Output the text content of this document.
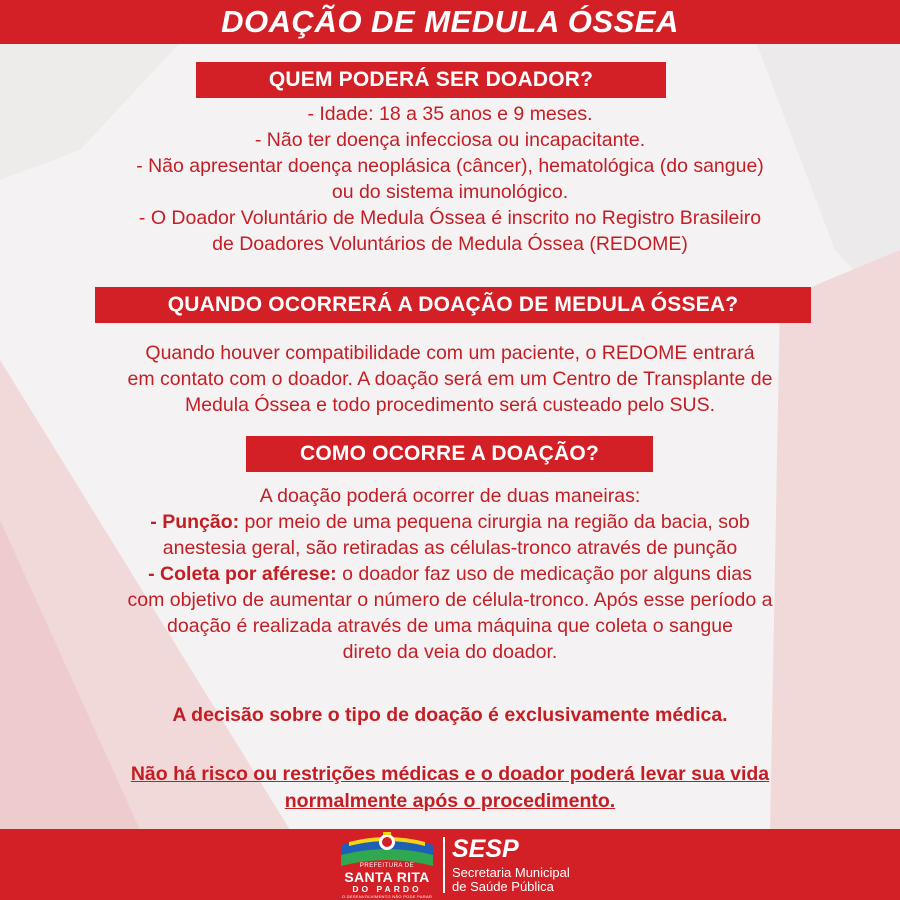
DOAÇÃO DE MEDULA ÓSSEA
QUEM PODERÁ SER DOADOR?

- Idade: 18 a 35 anos e 9 meses.

- Não ter doença infecciosa ou incapacitante.

- Não apresentar doença neoplásica (câncer), hematológica (do sangue)

ou do sistema imunológico.

- O Doador Voluntário de Medula Óssea é inscrito no Registro Brasileiro

de Doadores Voluntários de Medula Óssea (REDOME)

QUANDO OCORRERÁ A DOAÇÃO DE MEDULA ÓSSEA?

Quando houver compatibilidade com um paciente, o REDOME entrará

em contato com o doador. A doação será em um Centro de Transplante de

Medula Óssea e todo procedimento será custeado pelo SUS.

COMO OCORRE A DOAÇÃO?

A doação poderá ocorrer de duas maneiras:

- Punção: por meio de uma pequena cirurgia na região da bacia, sob

anestesia geral, são retiradas as células-tronco através de punção

- Coleta por aférese: o doador faz uso de medicação por alguns dias

com objetivo de aumentar o número de célula-tronco. Após esse período a

doação é realizada através de uma máquina que coleta o sangue

direto da veia do doador.

A decisão sobre o tipo de doação é exclusivamente médica.

Não há risco ou restrições médicas e o doador poderá levar sua vida

normalmente após o procedimento.

PREFEITURA DE
SANTA RITA
DO PARDO
O DESENVOLVIMENTO NÃO PODE PARAR
SESP
Secretaria Municipal
de Saúde Pública
